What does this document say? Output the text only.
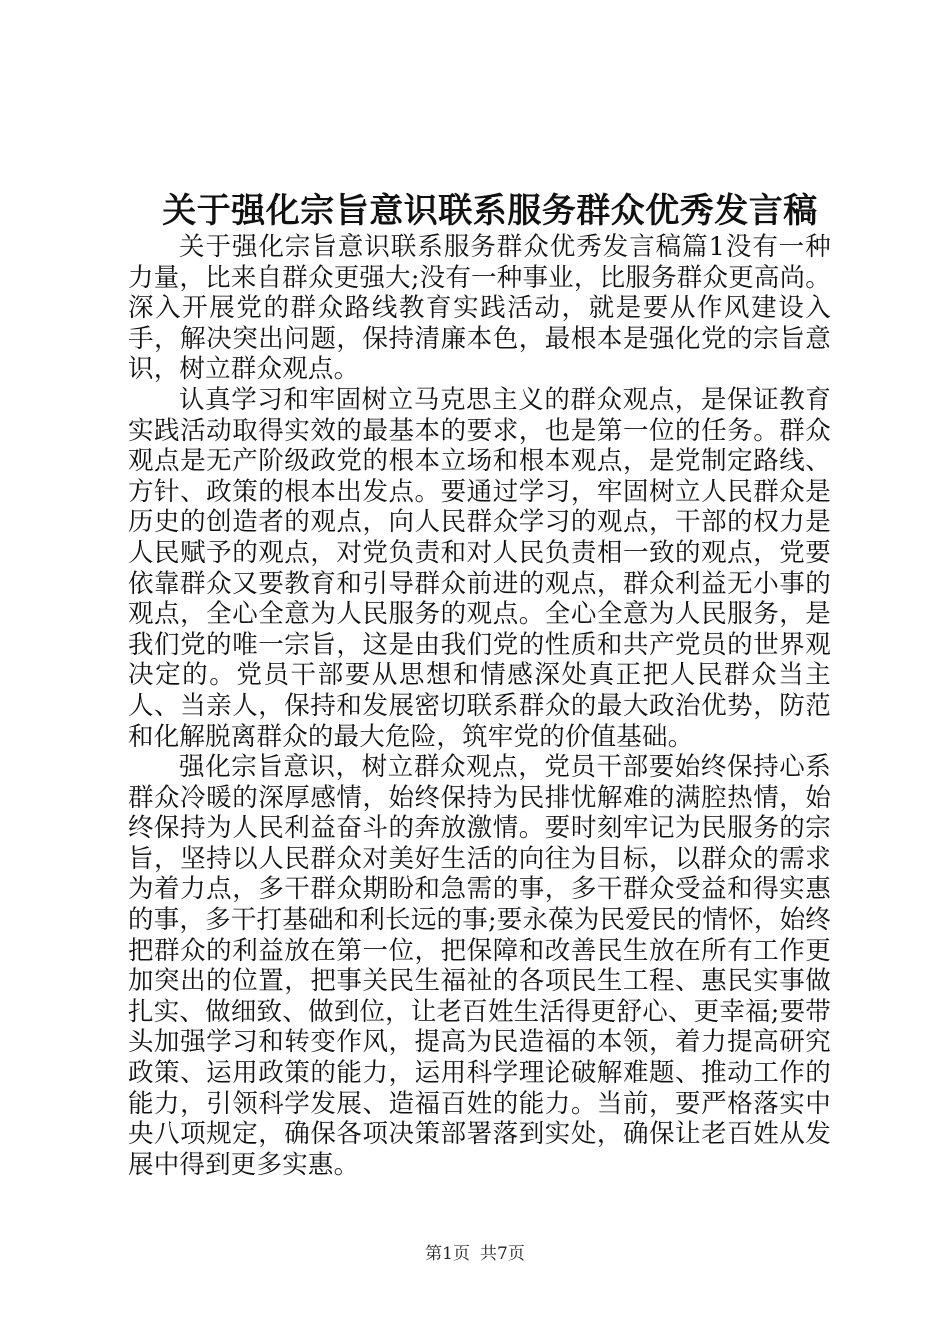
关于强化宗旨意识联系服务群众优秀发言稿

关于强化宗旨意识联系服务群众优秀发言稿篇1没有一种力量，比来自群众更强大;没有一种事业，比服务群众更高尚。深入开展党的群众路线教育实践活动，就是要从作风建设入手，解决突出问题，保持清廉本色，最根本是强化党的宗旨意识，树立群众观点。

认真学习和牢固树立马克思主义的群众观点，是保证教育实践活动取得实效的最基本的要求，也是第一位的任务。群众观点是无产阶级政党的根本立场和根本观点，是党制定路线、方针、政策的根本出发点。要通过学习，牢固树立人民群众是历史的创造者的观点，向人民群众学习的观点，干部的权力是人民赋予的观点，对党负责和对人民负责相一致的观点，党要依靠群众又要教育和引导群众前进的观点，群众利益无小事的观点，全心全意为人民服务的观点。全心全意为人民服务，是我们党的唯一宗旨，这是由我们党的性质和共产党员的世界观决定的。党员干部要从思想和情感深处真正把人民群众当主人、当亲人，保持和发展密切联系群众的最大政治优势，防范和化解脱离群众的最大危险，筑牢党的价值基础。

强化宗旨意识，树立群众观点，党员干部要始终保持心系群众冷暖的深厚感情，始终保持为民排忧解难的满腔热情，始终保持为人民利益奋斗的奔放激情。要时刻牢记为民服务的宗旨，坚持以人民群众对美好生活的向往为目标，以群众的需求为着力点，多干群众期盼和急需的事，多干群众受益和得实惠的事，多干打基础和利长远的事;要永葆为民爱民的情怀，始终把群众的利益放在第一位，把保障和改善民生放在所有工作更加突出的位置，把事关民生福祉的各项民生工程、惠民实事做扎实、做细致、做到位，让老百姓生活得更舒心、更幸福;要带头加强学习和转变作风，提高为民造福的本领，着力提高研究政策、运用政策的能力，运用科学理论破解难题、推动工作的能力，引领科学发展、造福百姓的能力。当前，要严格落实中央八项规定，确保各项决策部署落到实处，确保让老百姓从发展中得到更多实惠。

第1页 共7页
